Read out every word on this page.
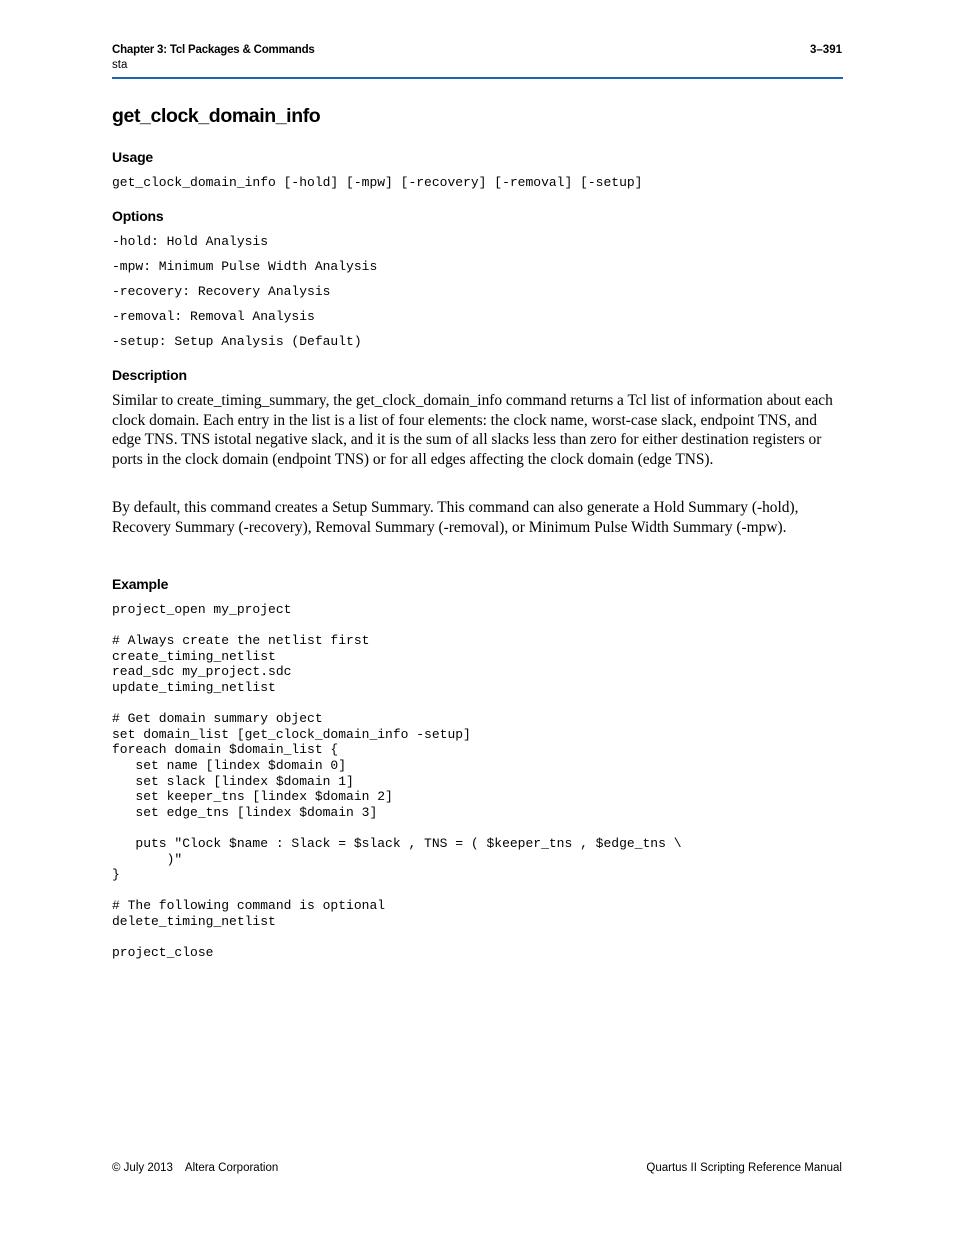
Chapter 3: Tcl Packages & Commands
sta
3–391
get_clock_domain_info
Usage
get_clock_domain_info [-hold] [-mpw] [-recovery] [-removal] [-setup]
Options
-hold: Hold Analysis
-mpw: Minimum Pulse Width Analysis
-recovery: Recovery Analysis
-removal: Removal Analysis
-setup: Setup Analysis (Default)
Description

Similar to create_timing_summary, the get_clock_domain_info command returns a Tcl list of information about each clock domain. Each entry in the list is a list of four elements: the clock name, worst-case slack, endpoint TNS, and edge TNS. TNS istotal negative slack, and it is the sum of all slacks less than zero for either destination registers or ports in the clock domain (endpoint TNS) or for all edges affecting the clock domain (edge TNS).

By default, this command creates a Setup Summary. This command can also generate a Hold Summary (-hold), Recovery Summary (-recovery), Removal Summary (-removal), or Minimum Pulse Width Summary (-mpw).

Example
project_open my_project

# Always create the netlist first
create_timing_netlist
read_sdc my_project.sdc
update_timing_netlist

# Get domain summary object
set domain_list [get_clock_domain_info -setup]
foreach domain $domain_list {
set name [lindex $domain 0]
set slack [lindex $domain 1]
set keeper_tns [lindex $domain 2]
set edge_tns [lindex $domain 3]

puts "Clock $name : Slack = $slack , TNS = ( $keeper_tns , $edge_tns \
)"
}

# The following command is optional
delete_timing_netlist

project_close
© July 2013 Altera Corporation	Quartus II Scripting Reference Manual
